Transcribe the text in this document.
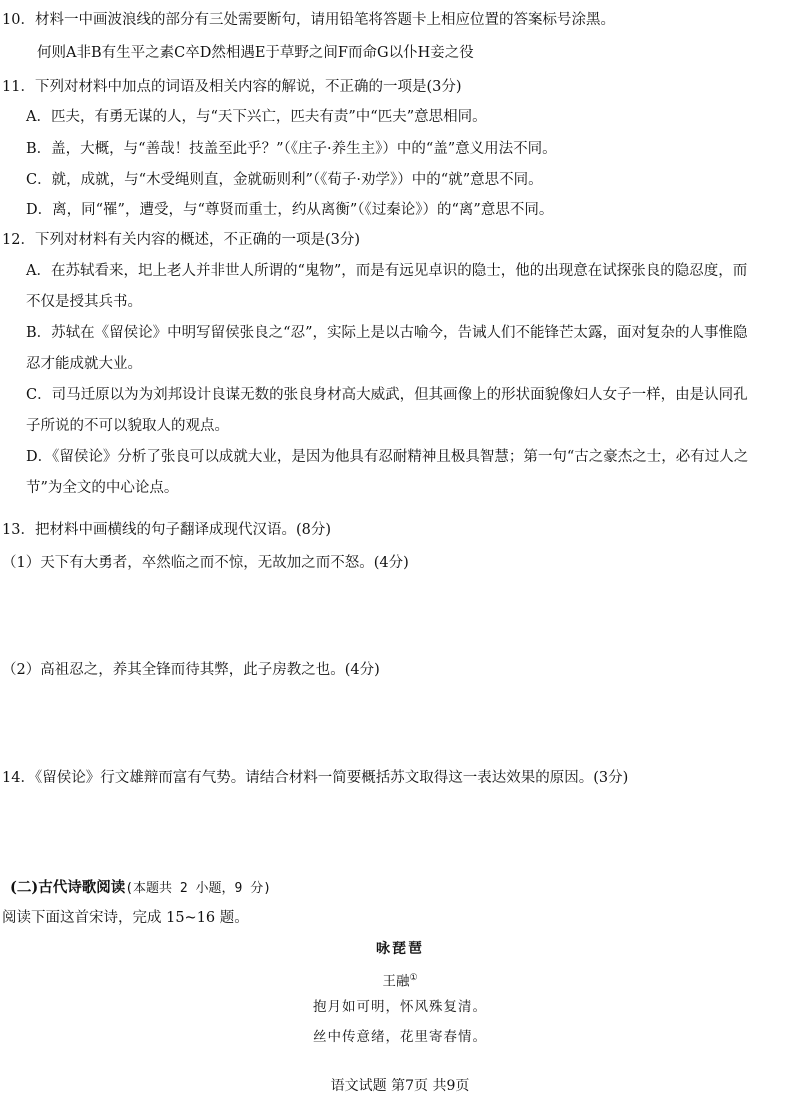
10．材料一中画波浪线的部分有三处需要断句，请用铅笔将答题卡上相应位置的答案标号涂黑。
何则A非B有生平之素C卒D然相遇E于草野之间F而命G以仆H妾之役
11．下列对材料中加点的词语及相关内容的解说，不正确的一项是(3分)
A．匹夫，有勇无谋的人，与“天下兴亡，匹夫有责”中“匹夫”意思相同。
B．盖，大概，与“善哉！技盖至此乎？”（《庄子·养生主》）中的“盖”意义用法不同。
C．就，成就，与“木受绳则直，金就砺则利”（《荀子·劝学》）中的“就”意思不同。
D．离，同“罹”，遭受，与“尊贤而重士，约从离衡”（《过秦论》）的“离”意思不同。
12．下列对材料有关内容的概述，不正确的一项是(3分)
A．在苏轼看来，圯上老人并非世人所谓的“鬼物”，而是有远见卓识的隐士，他的出现意在试探张良的隐忍度，而
不仅是授其兵书。
B．苏轼在《留侯论》中明写留侯张良之“忍”，实际上是以古喻今，告诫人们不能锋芒太露，面对复杂的人事惟隐
忍才能成就大业。
C．司马迁原以为为刘邦设计良谋无数的张良身材高大威武，但其画像上的形状面貌像妇人女子一样，由是认同孔
子所说的不可以貌取人的观点。
D．《留侯论》分析了张良可以成就大业，是因为他具有忍耐精神且极具智慧；第一句“古之豪杰之士，必有过人之
节”为全文的中心论点。
13．把材料中画横线的句子翻译成现代汉语。(8分)
（1）天下有大勇者，卒然临之而不惊，无故加之而不怒。(4分)
（2）高祖忍之，养其全锋而待其弊，此子房教之也。(4分)
14．《留侯论》行文雄辩而富有气势。请结合材料一简要概括苏文取得这一表达效果的原因。(3分)
(二)古代诗歌阅读(本题共 2 小题，9 分)
阅读下面这首宋诗，完成 15~16 题。
咏琵琶
王融①
抱月如可明，怀风殊复清。
丝中传意绪，花里寄春情。
语文试题 第7页 共9页
